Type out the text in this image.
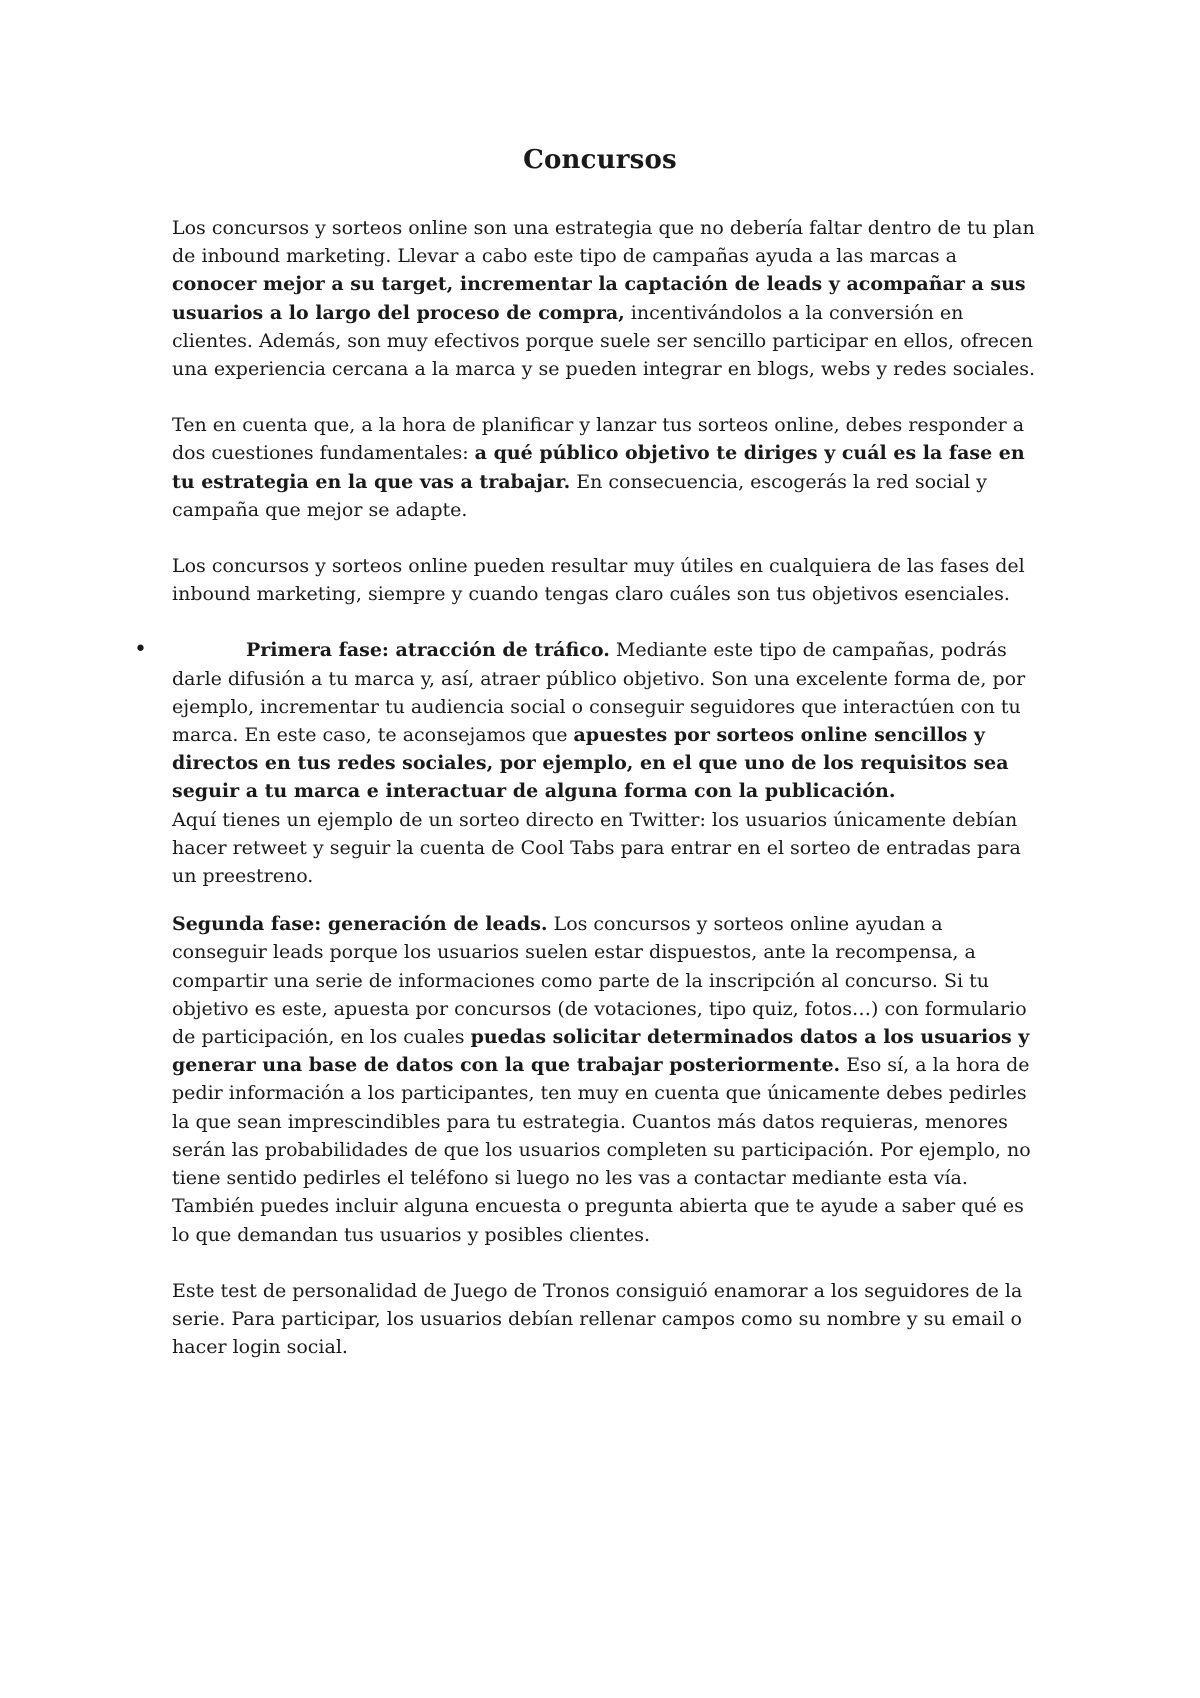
Concursos

Los concursos y sorteos online son una estrategia que no debería faltar dentro de tu plan de inbound marketing. Llevar a cabo este tipo de campañas ayuda a las marcas a conocer mejor a su target, incrementar la captación de leads y acompañar a sus usuarios a lo largo del proceso de compra, incentivándolos a la conversión en clientes. Además, son muy efectivos porque suele ser sencillo participar en ellos, ofrecen una experiencia cercana a la marca y se pueden integrar en blogs, webs y redes sociales.

Ten en cuenta que, a la hora de planificar y lanzar tus sorteos online, debes responder a dos cuestiones fundamentales: a qué público objetivo te diriges y cuál es la fase en tu estrategia en la que vas a trabajar. En consecuencia, escogerás la red social y campaña que mejor se adapte.

Los concursos y sorteos online pueden resultar muy útiles en cualquiera de las fases del inbound marketing, siempre y cuando tengas claro cuáles son tus objetivos esenciales.

•	Primera fase: atracción de tráfico. Mediante este tipo de campañas, podrás darle difusión a tu marca y, así, atraer público objetivo. Son una excelente forma de, por ejemplo, incrementar tu audiencia social o conseguir seguidores que interactúen con tu marca. En este caso, te aconsejamos que apuestes por sorteos online sencillos y directos en tus redes sociales, por ejemplo, en el que uno de los requisitos sea seguir a tu marca e interactuar de alguna forma con la publicación.

Aquí tienes un ejemplo de un sorteo directo en Twitter: los usuarios únicamente debían hacer retweet y seguir la cuenta de Cool Tabs para entrar en el sorteo de entradas para un preestreno.

Segunda fase: generación de leads. Los concursos y sorteos online ayudan a conseguir leads porque los usuarios suelen estar dispuestos, ante la recompensa, a compartir una serie de informaciones como parte de la inscripción al concurso. Si tu objetivo es este, apuesta por concursos (de votaciones, tipo quiz, fotos…) con formulario de participación, en los cuales puedas solicitar determinados datos a los usuarios y generar una base de datos con la que trabajar posteriormente. Eso sí, a la hora de pedir información a los participantes, ten muy en cuenta que únicamente debes pedirles la que sean imprescindibles para tu estrategia. Cuantos más datos requieras, menores serán las probabilidades de que los usuarios completen su participación. Por ejemplo, no tiene sentido pedirles el teléfono si luego no les vas a contactar mediante esta vía. También puedes incluir alguna encuesta o pregunta abierta que te ayude a saber qué es lo que demandan tus usuarios y posibles clientes.

Este test de personalidad de Juego de Tronos consiguió enamorar a los seguidores de la serie. Para participar, los usuarios debían rellenar campos como su nombre y su email o hacer login social.
